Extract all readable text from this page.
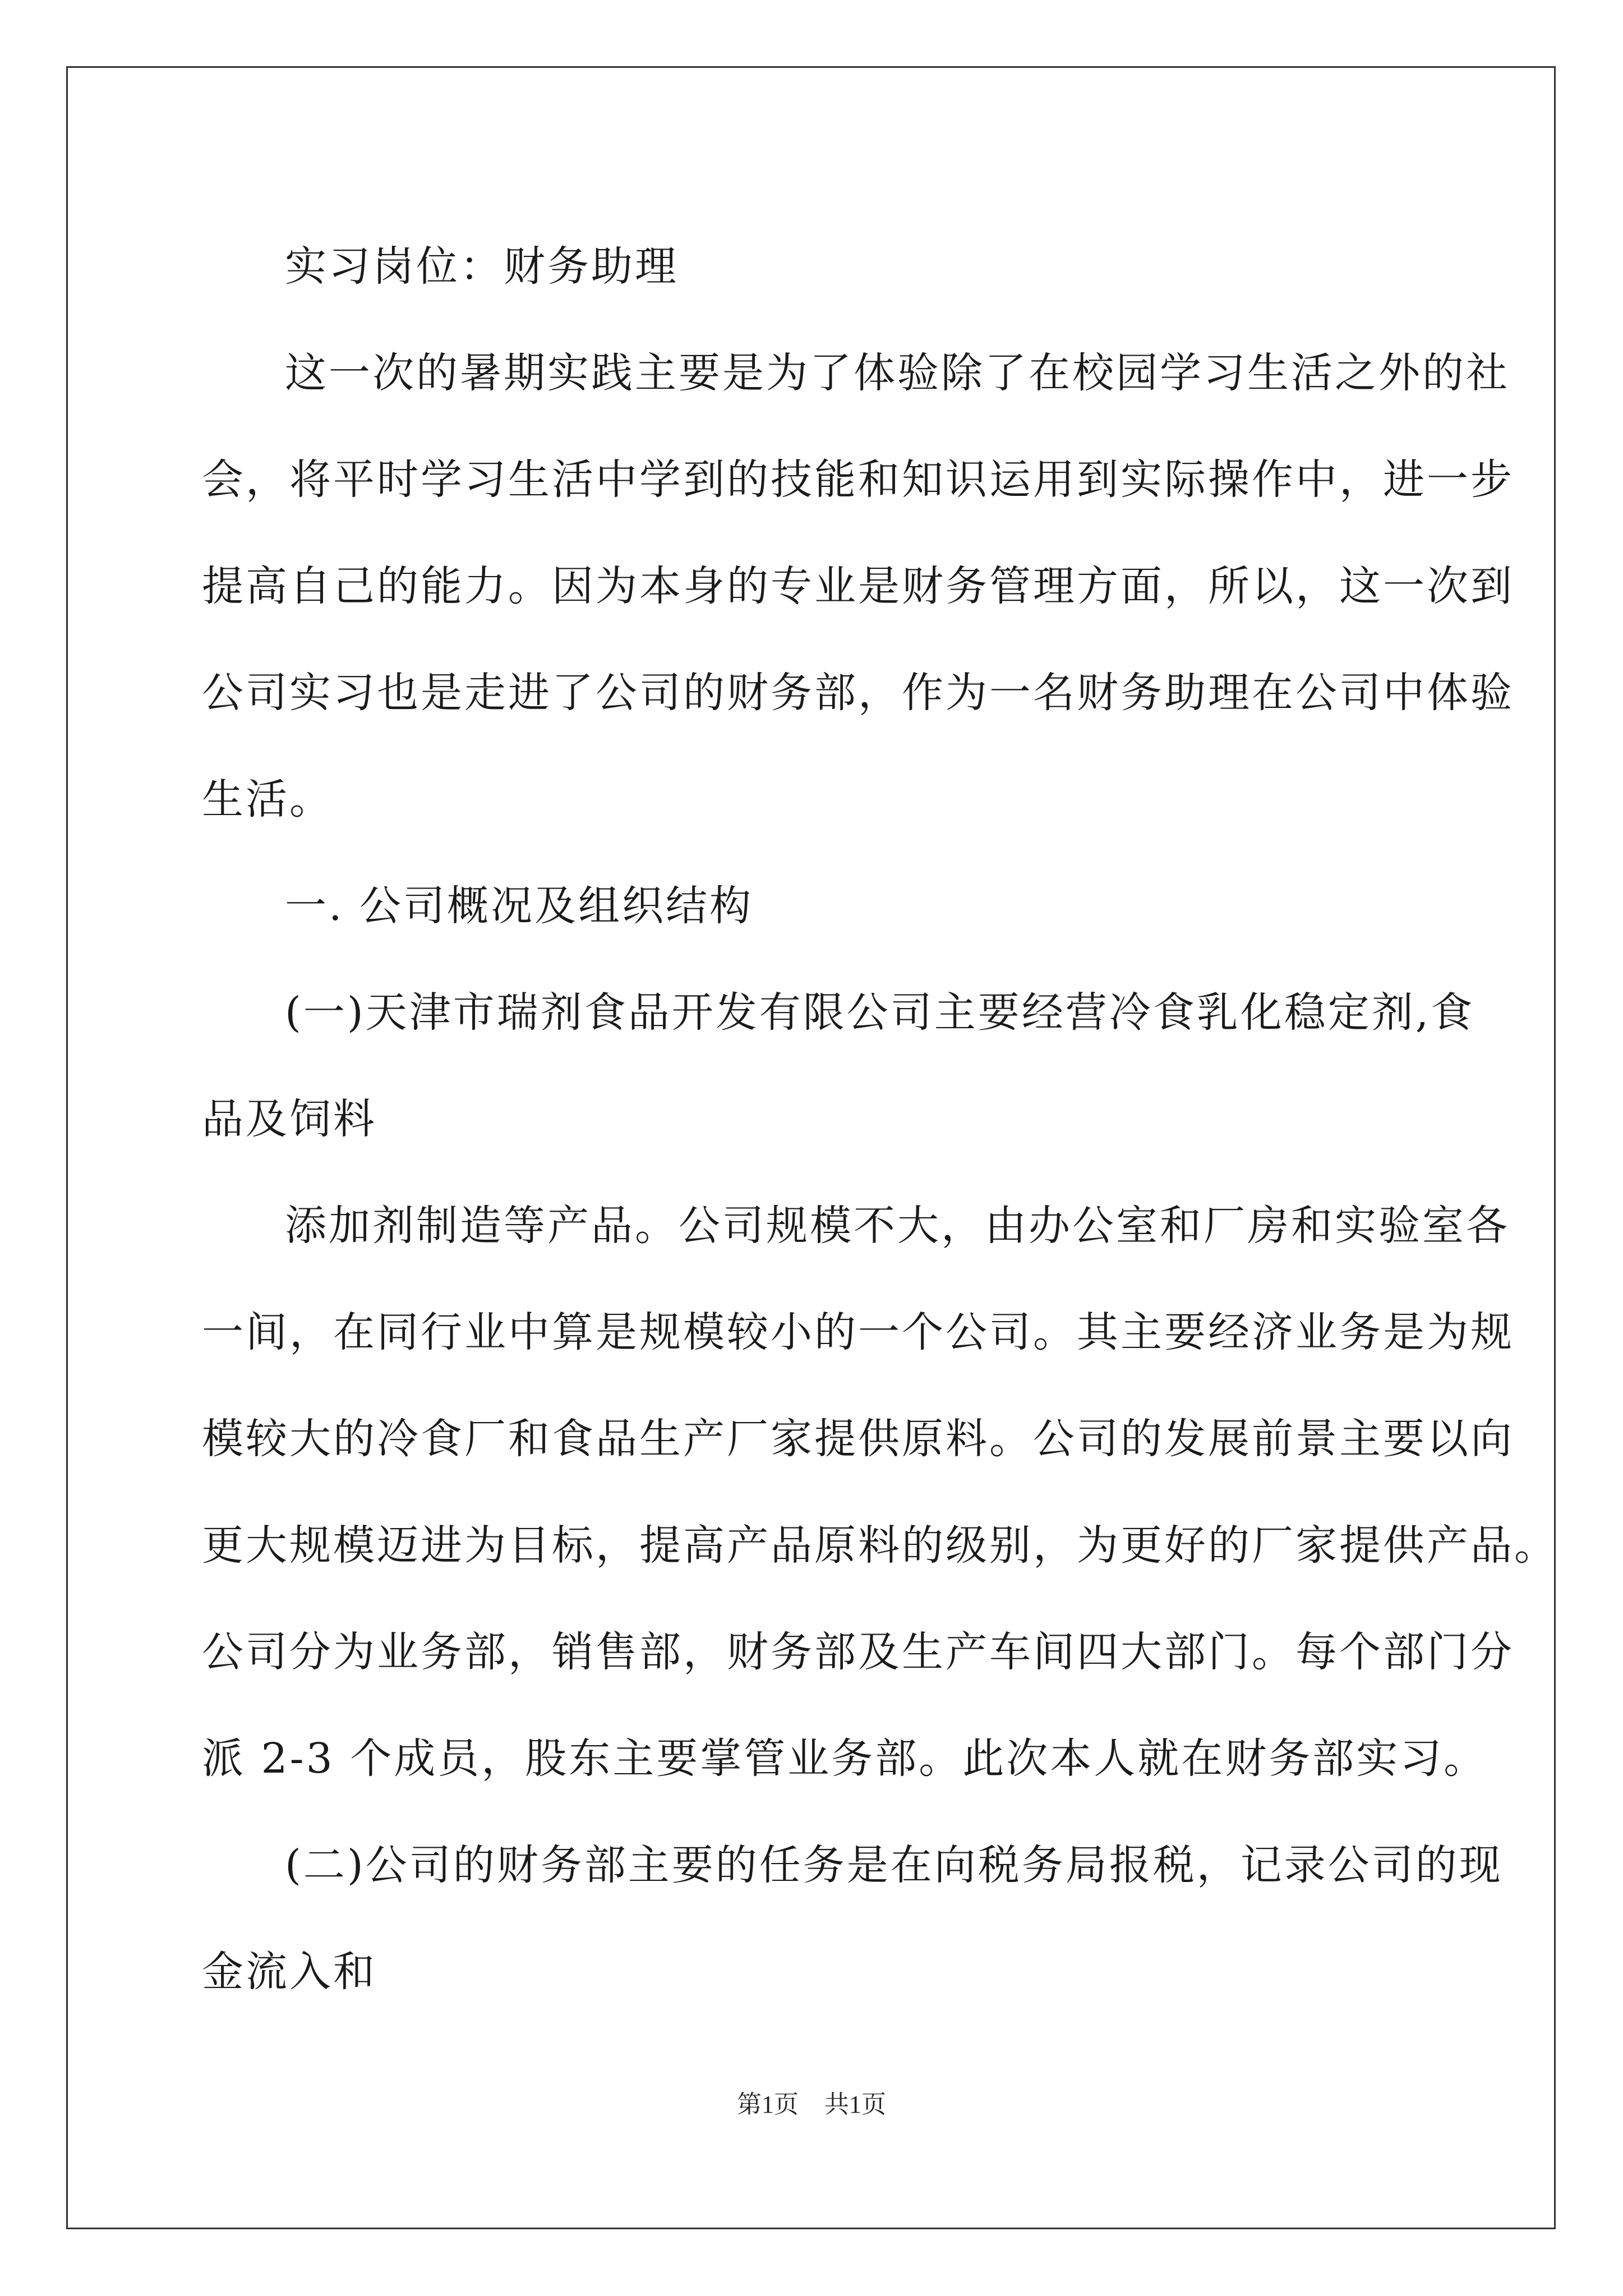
实习岗位：财务助理
这一次的暑期实践主要是为了体验除了在校园学习生活之外的社
会，将平时学习生活中学到的技能和知识运用到实际操作中，进一步
提高自己的能力。因为本身的专业是财务管理方面，所以，这一次到
公司实习也是走进了公司的财务部，作为一名财务助理在公司中体验
生活。
一. 公司概况及组织结构
(一)天津市瑞剂食品开发有限公司主要经营冷食乳化稳定剂,食
品及饲料
添加剂制造等产品。公司规模不大，由办公室和厂房和实验室各
一间，在同行业中算是规模较小的一个公司。其主要经济业务是为规
模较大的冷食厂和食品生产厂家提供原料。公司的发展前景主要以向
更大规模迈进为目标，提高产品原料的级别，为更好的厂家提供产品。
公司分为业务部，销售部，财务部及生产车间四大部门。每个部门分
派 2-3 个成员，股东主要掌管业务部。此次本人就在财务部实习。
(二)公司的财务部主要的任务是在向税务局报税，记录公司的现
金流入和
第1页 共1页
